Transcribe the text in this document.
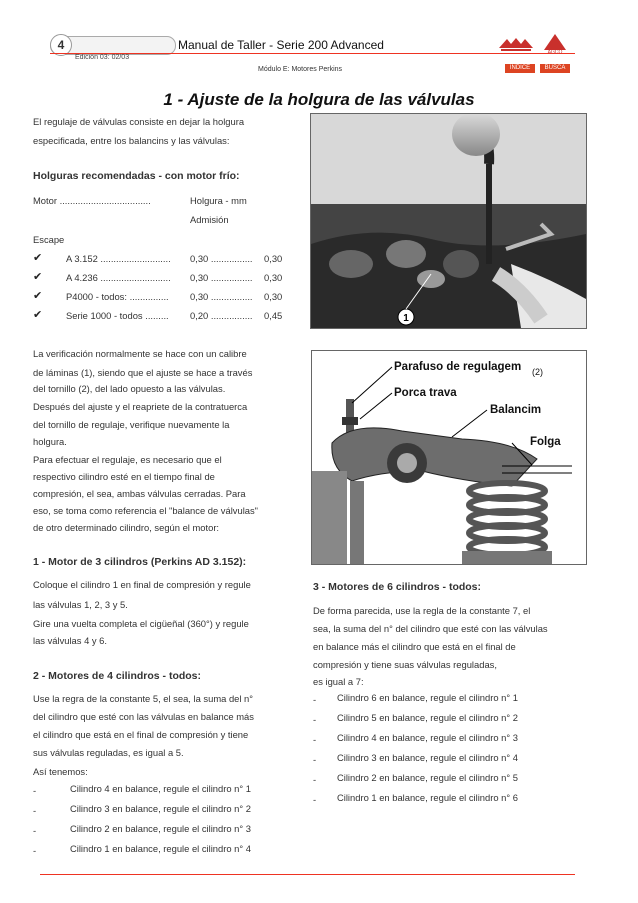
4
Edición 03: 02/03
Manual de Taller - Serie 200 Advanced
Módulo E: Motores Perkins
AGCO
INDICE	BUSCA
1 - Ajuste de la holgura de las válvulas
El regulaje de válvulas consiste en dejar la holgura
especificada, entre los balancins y las válvulas:
Holguras recomendadas - con motor frío:
Motor ...................................	Holgura - mm
Admisión
Escape
✔	A 3.152 ........................... 0,30 ................ 0,30
✔	A 4.236 ........................... 0,30 ................ 0,30
✔	P4000 - todos: ............... 0,30 ................ 0,30
✔	Serie 1000 - todos ......... 0,20 ................ 0,45	1
La verificación normalmente se hace con un calibre
de láminas (1), siendo que el ajuste se hace a través
del tornillo (2), del lado opuesto a las válvulas.
Después del ajuste y el reapriete de la contratuerca
del tornillo de regulaje, verifique nuevamente la
holgura.
Para efectuar el regulaje, es necesario que el
respectivo cilindro esté en el tiempo final de
compresión, el sea, ambas válvulas cerradas. Para
eso, se toma como referencia el "balance de válvulas"
de otro determinado cilindro, según el motor:
Parafuso de regulagem (2)
Porca trava
Balancim
Folga
1 - Motor de 3 cilindros (Perkins AD 3.152):
Coloque el cilindro 1 en final de compresión y regule
las válvulas 1, 2, 3 y 5.
Gire una vuelta completa el cigüeñal (360°) y regule
las válvulas 4 y 6.
2 - Motores de 4 cilindros - todos:
Use la regra de la constante 5, el sea, la suma del n°
del cilindro que esté con las válvulas en balance más
el cilindro que está en el final de compresión y tiene
sus válvulas reguladas, es igual a 5.
Así tenemos:
-	Cilindro 4 en balance, regule el cilindro n° 1
-	Cilindro 3 en balance, regule el cilindro n° 2
-	Cilindro 2 en balance, regule el cilindro n° 3
-	Cilindro 1 en balance, regule el cilindro n° 4
3 - Motores de 6 cilindros - todos:
De forma parecida, use la regla de la constante 7, el
sea, la suma del n° del cilindro que esté con las válvulas
en balance más el cilindro que está en el final de
compresión y tiene suas válvulas reguladas,
es igual a 7:
- Cilindro 6 en balance, regule el cilindro n° 1
- Cilindro 5 en balance, regule el cilindro n° 2
- Cilindro 4 en balance, regule el cilindro n° 3
- Cilindro 3 en balance, regule el cilindro n° 4
- Cilindro 2 en balance, regule el cilindro n° 5
- Cilindro 1 en balance, regule el cilindro n° 6
